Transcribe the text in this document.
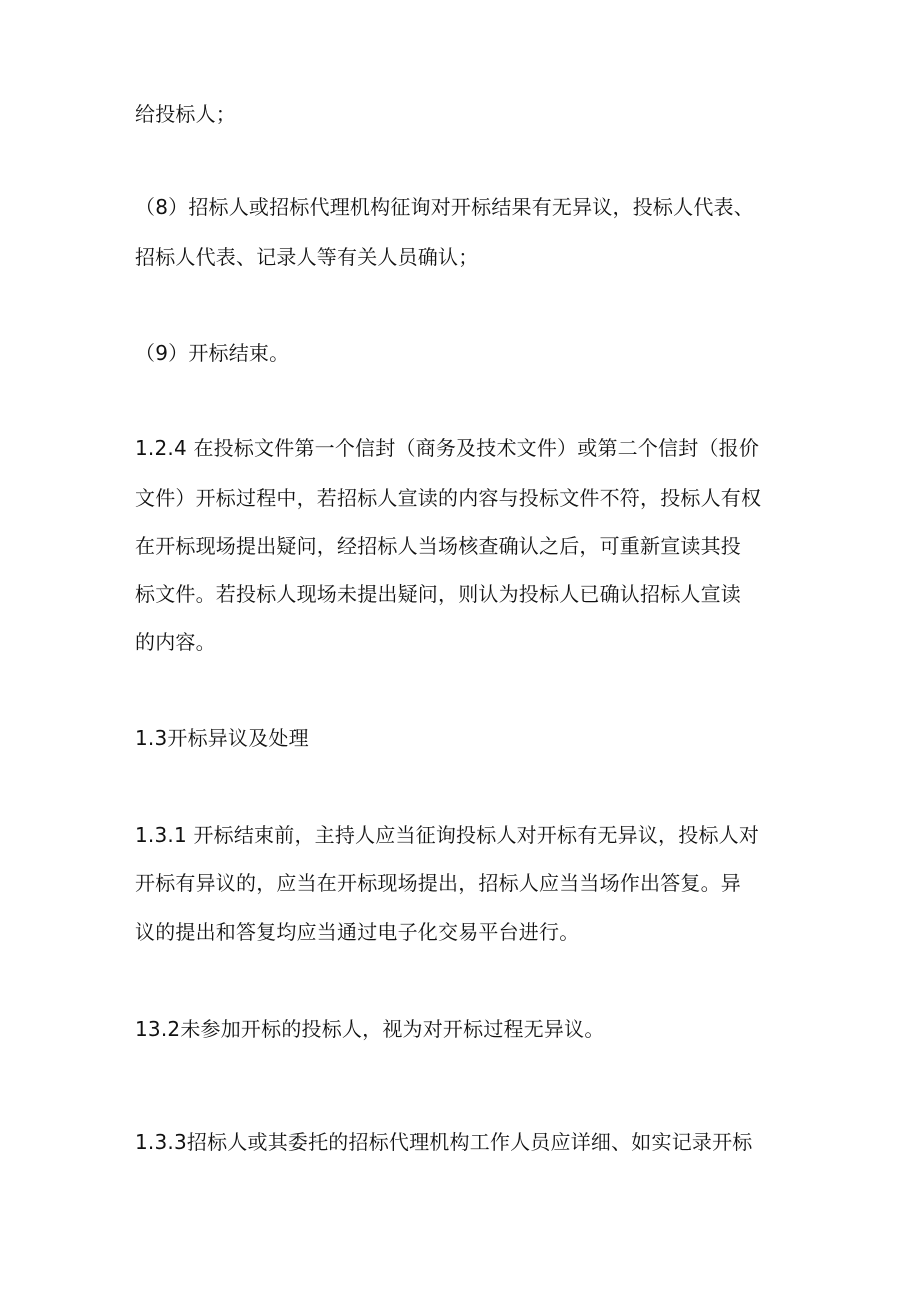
给投标人；
（8）招标人或招标代理机构征询对开标结果有无异议，投标人代表、
招标人代表、记录人等有关人员确认；
（9）开标结束。
1.2.4 在投标文件第一个信封（商务及技术文件）或第二个信封（报价
文件）开标过程中，若招标人宣读的内容与投标文件不符，投标人有权
在开标现场提出疑问，经招标人当场核查确认之后，可重新宣读其投
标文件。若投标人现场未提出疑问，则认为投标人已确认招标人宣读
的内容。
1.3开标异议及处理
1.3.1 开标结束前，主持人应当征询投标人对开标有无异议，投标人对
开标有异议的，应当在开标现场提出，招标人应当当场作出答复。异
议的提出和答复均应当通过电子化交易平台进行。
13.2未参加开标的投标人，视为对开标过程无异议。
1.3.3招标人或其委托的招标代理机构工作人员应详细、如实记录开标
